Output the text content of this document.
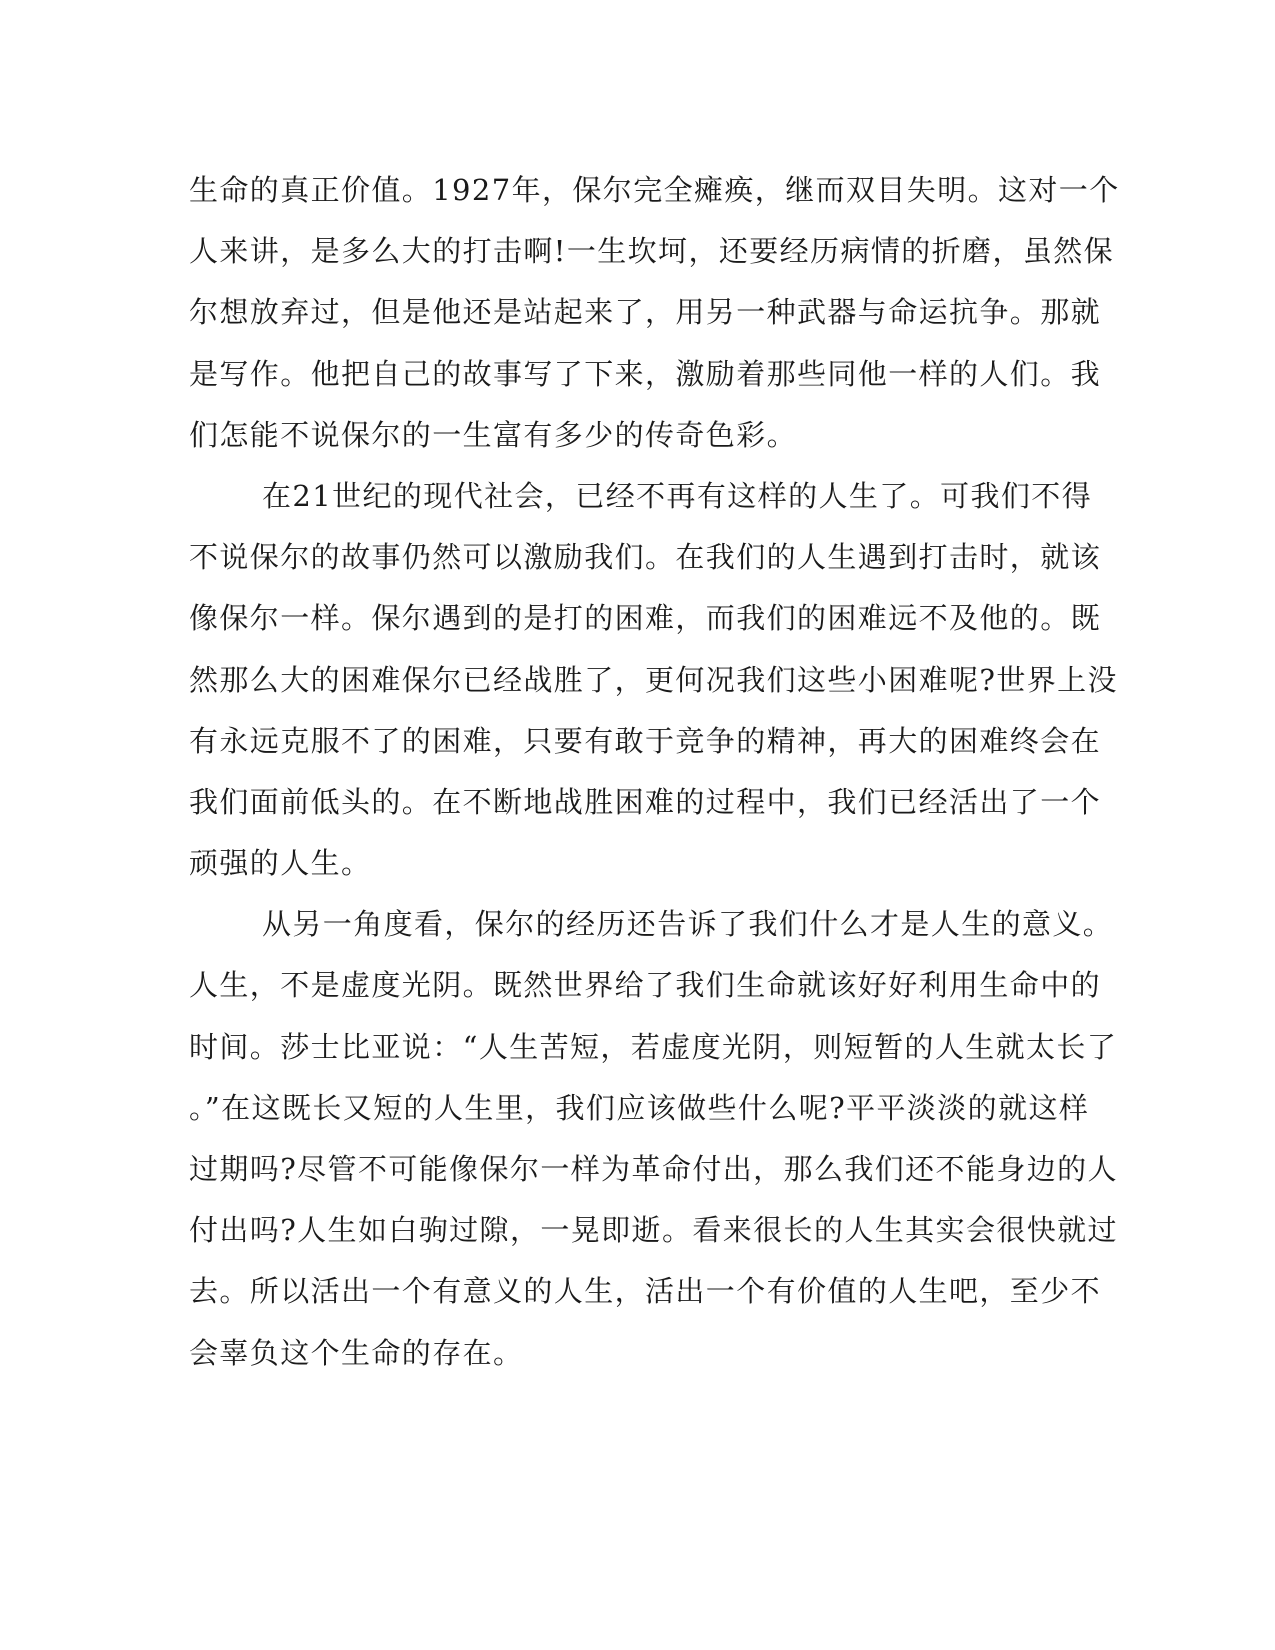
生命的真正价值。1927年，保尔完全瘫痪，继而双目失明。这对一个
人来讲，是多么大的打击啊!一生坎坷，还要经历病情的折磨，虽然保
尔想放弃过，但是他还是站起来了，用另一种武器与命运抗争。那就
是写作。他把自己的故事写了下来，激励着那些同他一样的人们。我
们怎能不说保尔的一生富有多少的传奇色彩。
在21世纪的现代社会，已经不再有这样的人生了。可我们不得
不说保尔的故事仍然可以激励我们。在我们的人生遇到打击时，就该
像保尔一样。保尔遇到的是打的困难，而我们的困难远不及他的。既
然那么大的困难保尔已经战胜了，更何况我们这些小困难呢?世界上没
有永远克服不了的困难，只要有敢于竞争的精神，再大的困难终会在
我们面前低头的。在不断地战胜困难的过程中，我们已经活出了一个
顽强的人生。
从另一角度看，保尔的经历还告诉了我们什么才是人生的意义。
人生，不是虚度光阴。既然世界给了我们生命就该好好利用生命中的
时间。莎士比亚说：“人生苦短，若虚度光阴，则短暂的人生就太长了
。”在这既长又短的人生里，我们应该做些什么呢?平平淡淡的就这样
过期吗?尽管不可能像保尔一样为革命付出，那么我们还不能身边的人
付出吗?人生如白驹过隙，一晃即逝。看来很长的人生其实会很快就过
去。所以活出一个有意义的人生，活出一个有价值的人生吧，至少不
会辜负这个生命的存在。
